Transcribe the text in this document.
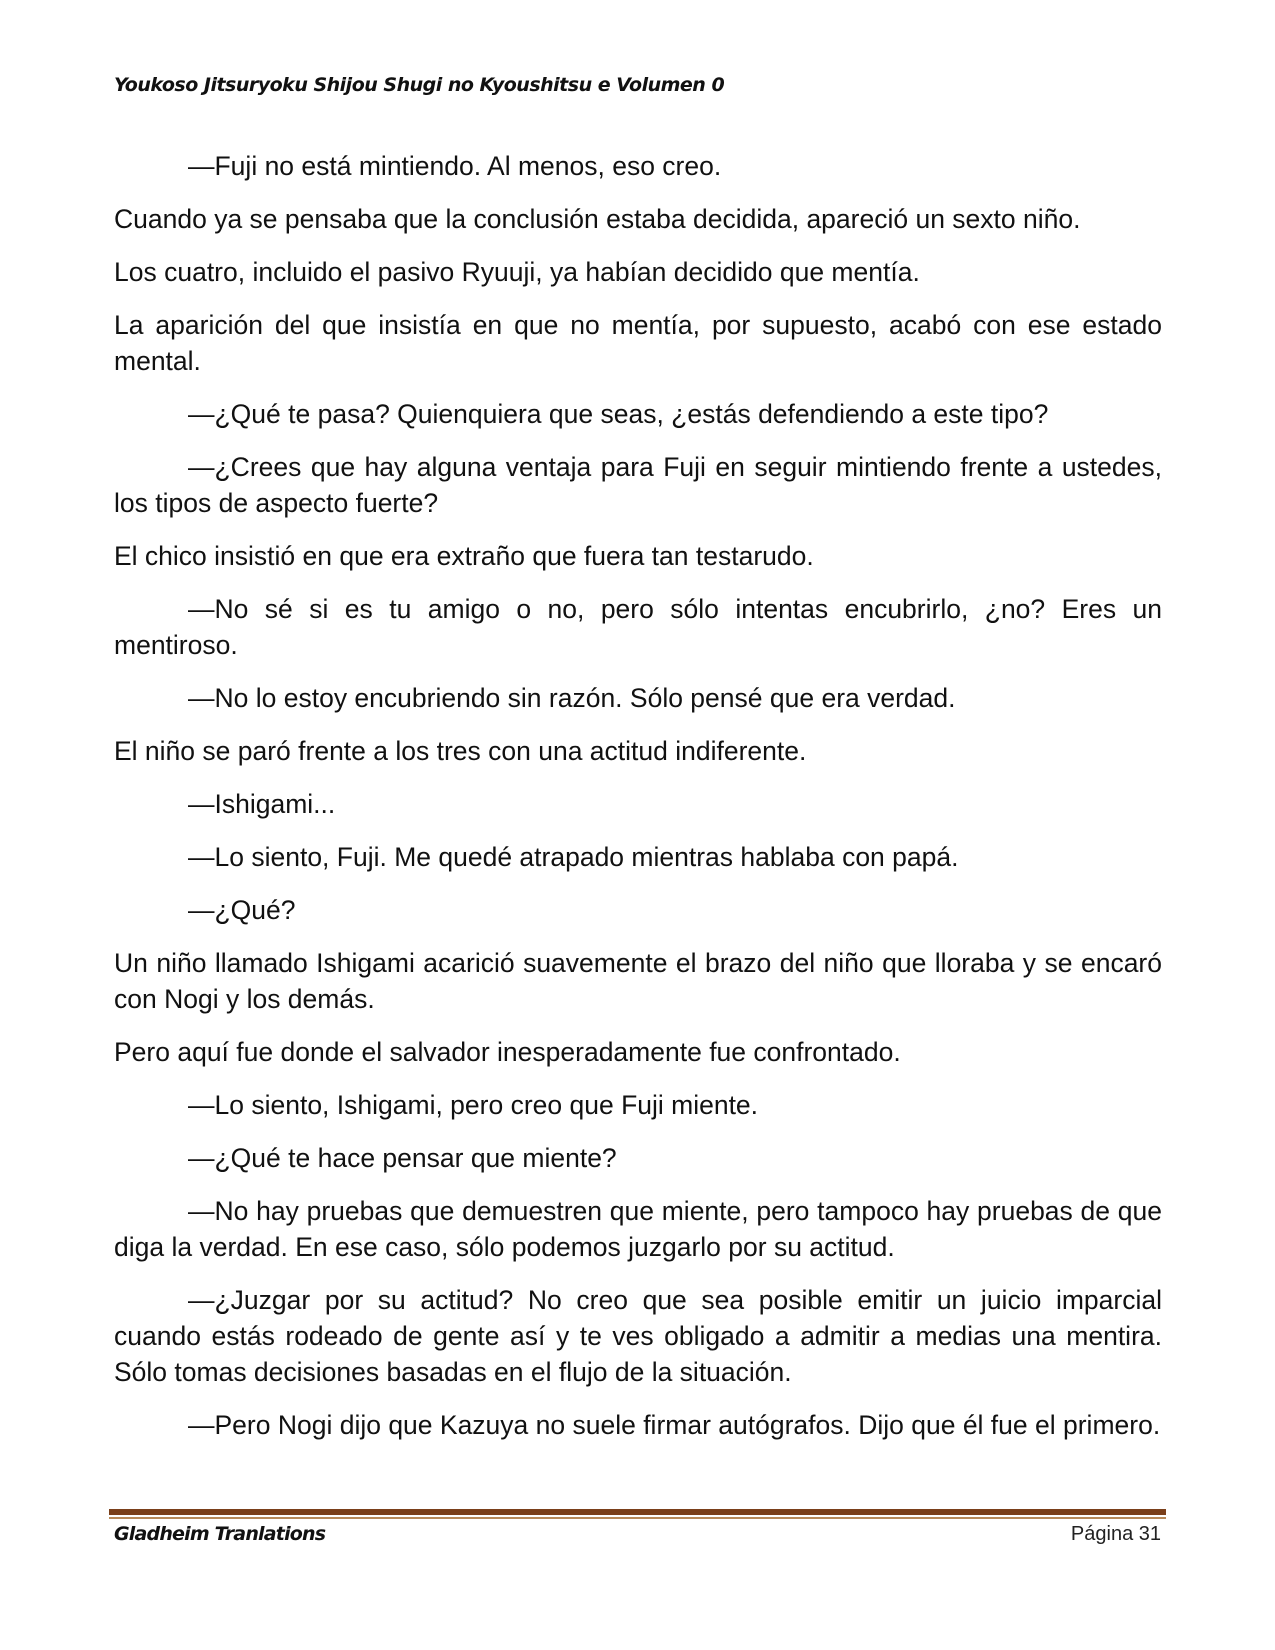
Youkoso Jitsuryoku Shijou Shugi no Kyoushitsu e Volumen 0

—Fuji no está mintiendo. Al menos, eso creo.

Cuando ya se pensaba que la conclusión estaba decidida, apareció un sexto niño.

Los cuatro, incluido el pasivo Ryuuji, ya habían decidido que mentía.

La aparición del que insistía en que no mentía, por supuesto, acabó con ese estado mental.

—¿Qué te pasa? Quienquiera que seas, ¿estás defendiendo a este tipo?

—¿Crees que hay alguna ventaja para Fuji en seguir mintiendo frente a ustedes, los tipos de aspecto fuerte?

El chico insistió en que era extraño que fuera tan testarudo.

—No sé si es tu amigo o no, pero sólo intentas encubrirlo, ¿no? Eres un mentiroso.

—No lo estoy encubriendo sin razón. Sólo pensé que era verdad.

El niño se paró frente a los tres con una actitud indiferente.

—Ishigami...

—Lo siento, Fuji. Me quedé atrapado mientras hablaba con papá.

—¿Qué?

Un niño llamado Ishigami acarició suavemente el brazo del niño que lloraba y se encaró con Nogi y los demás.

Pero aquí fue donde el salvador inesperadamente fue confrontado.

—Lo siento, Ishigami, pero creo que Fuji miente.

—¿Qué te hace pensar que miente?

—No hay pruebas que demuestren que miente, pero tampoco hay pruebas de que diga la verdad. En ese caso, sólo podemos juzgarlo por su actitud.

—¿Juzgar por su actitud? No creo que sea posible emitir un juicio imparcial cuando estás rodeado de gente así y te ves obligado a admitir a medias una mentira. Sólo tomas decisiones basadas en el flujo de la situación.

—Pero Nogi dijo que Kazuya no suele firmar autógrafos. Dijo que él fue el primero.

Gladheim Tranlations	Página 31
